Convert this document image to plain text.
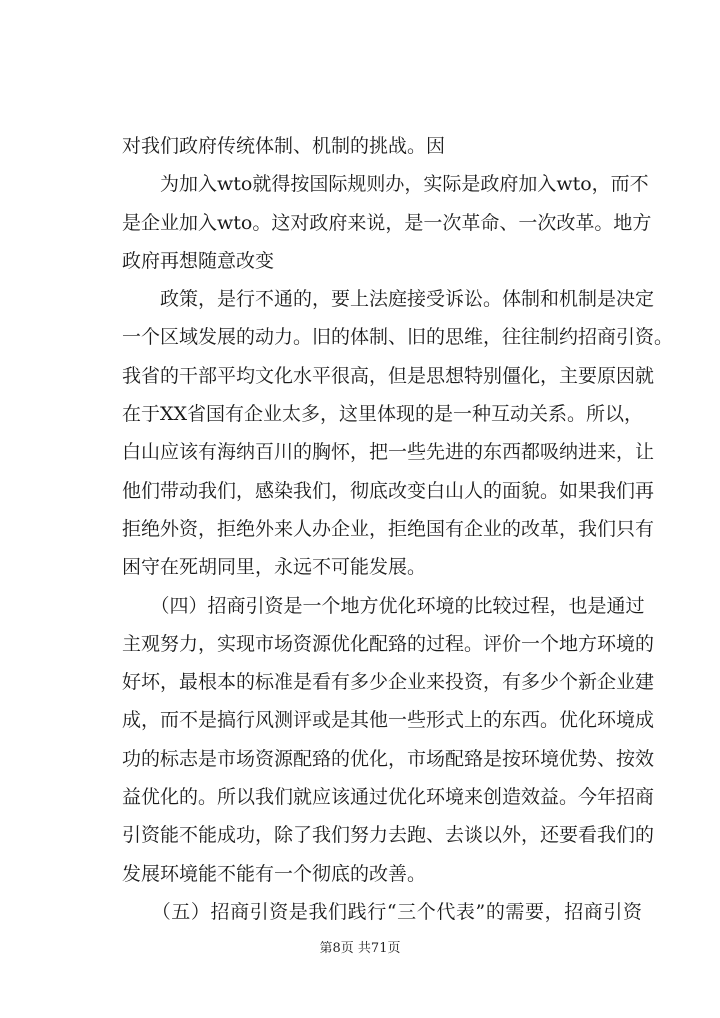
对我们政府传统体制、机制的挑战。因
　　为加入wto就得按国际规则办，实际是政府加入wto，而不
是企业加入wto。这对政府来说，是一次革命、一次改革。地方
政府再想随意改变
　　政策，是行不通的，要上法庭接受诉讼。体制和机制是决定
一个区域发展的动力。旧的体制、旧的思维，往往制约招商引资。
我省的干部平均文化水平很高，但是思想特别僵化，主要原因就
在于XX省国有企业太多，这里体现的是一种互动关系。所以，
白山应该有海纳百川的胸怀，把一些先进的东西都吸纳进来，让
他们带动我们，感染我们，彻底改变白山人的面貌。如果我们再
拒绝外资，拒绝外来人办企业，拒绝国有企业的改革，我们只有
困守在死胡同里，永远不可能发展。
　　（四）招商引资是一个地方优化环境的比较过程，也是通过
主观努力，实现市场资源优化配臵的过程。评价一个地方环境的
好坏，最根本的标准是看有多少企业来投资，有多少个新企业建
成，而不是搞行风测评或是其他一些形式上的东西。优化环境成
功的标志是市场资源配臵的优化，市场配臵是按环境优势、按效
益优化的。所以我们就应该通过优化环境来创造效益。今年招商
引资能不能成功，除了我们努力去跑、去谈以外，还要看我们的
发展环境能不能有一个彻底的改善。
　　（五）招商引资是我们践行“三个代表”的需要，招商引资
第8页 共71页
